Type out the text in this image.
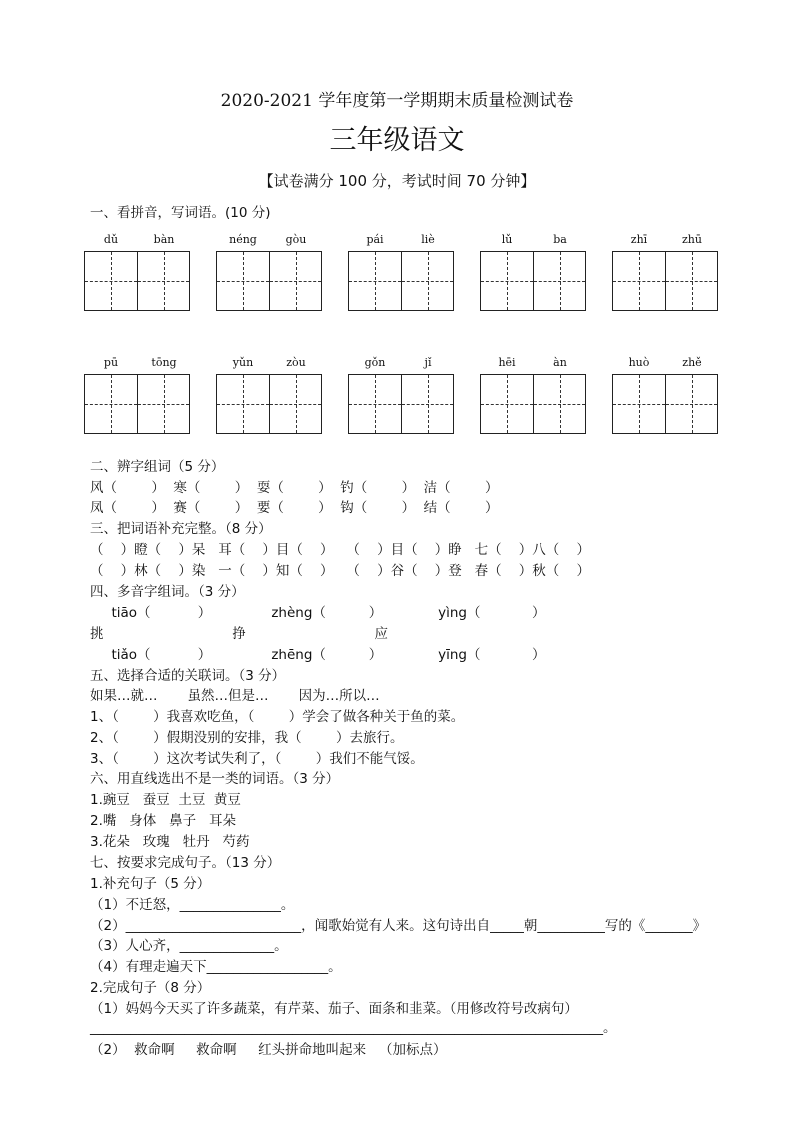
2020-2021 学年度第一学期期末质量检测试卷
三年级语文
【试卷满分 100 分，考试时间 70 分钟】
一、看拼音，写词语。(10 分)
dǔ	bàn	néng	gòu	pái	liè	lǔ	ba	zhī	zhū
pū	tōng	yǔn	zòu	gǒn	jǐ	hēi	àn	huò	zhě
二、辨字组词（5 分）
风（        ）  寒（        ）  耍（        ）  钓（        ）  洁（        ）
凤（        ）  赛（        ）  要（        ）  钩（        ）  结（        ）
三、把词语补充完整。（8 分）
（    ）瞪（    ）呆   耳（    ）目（    ）   （    ）目（    ）睁   七（    ）八（    ）
（    ）林（    ）染   一（    ）知（    ）   （    ）谷（    ）登   春（    ）秋（    ）
四、多音字组词。（3 分）
tiāo（           ）              zhèng（          ）             yìng（            ）
挑                              挣                              应
tiǎo（           ）              zhēng（          ）             yīng（            ）
五、选择合适的关联词。（3 分）
如果…就…       虽然…但是…       因为…所以…
1、（        ）我喜欢吃鱼，（        ）学会了做各种关于鱼的菜。
2、（        ）假期没别的安排，我（        ）去旅行。
3、（        ）这次考试失利了，（        ）我们不能气馁。
六、用直线选出不是一类的词语。（3 分）
1.豌豆   蚕豆  土豆  黄豆
2.嘴   身体   鼻子   耳朵
3.花朵   玫瑰   牡丹   芍药
七、按要求完成句子。（13 分）
1.补充句子（5 分）
（1）不迁怒，_______________。
（2）__________________________，闻歌始觉有人来。这句诗出自_____朝__________写的《_______》
（3）人心齐，______________。
（4）有理走遍天下__________________。
2.完成句子（8 分）
（1）妈妈今天买了许多蔬菜，有芹菜、茄子、面条和韭菜。（用修改符号改病句）
____________________________________________________________________________。
（2）  救命啊     救命啊     红头拼命地叫起来   （加标点）
